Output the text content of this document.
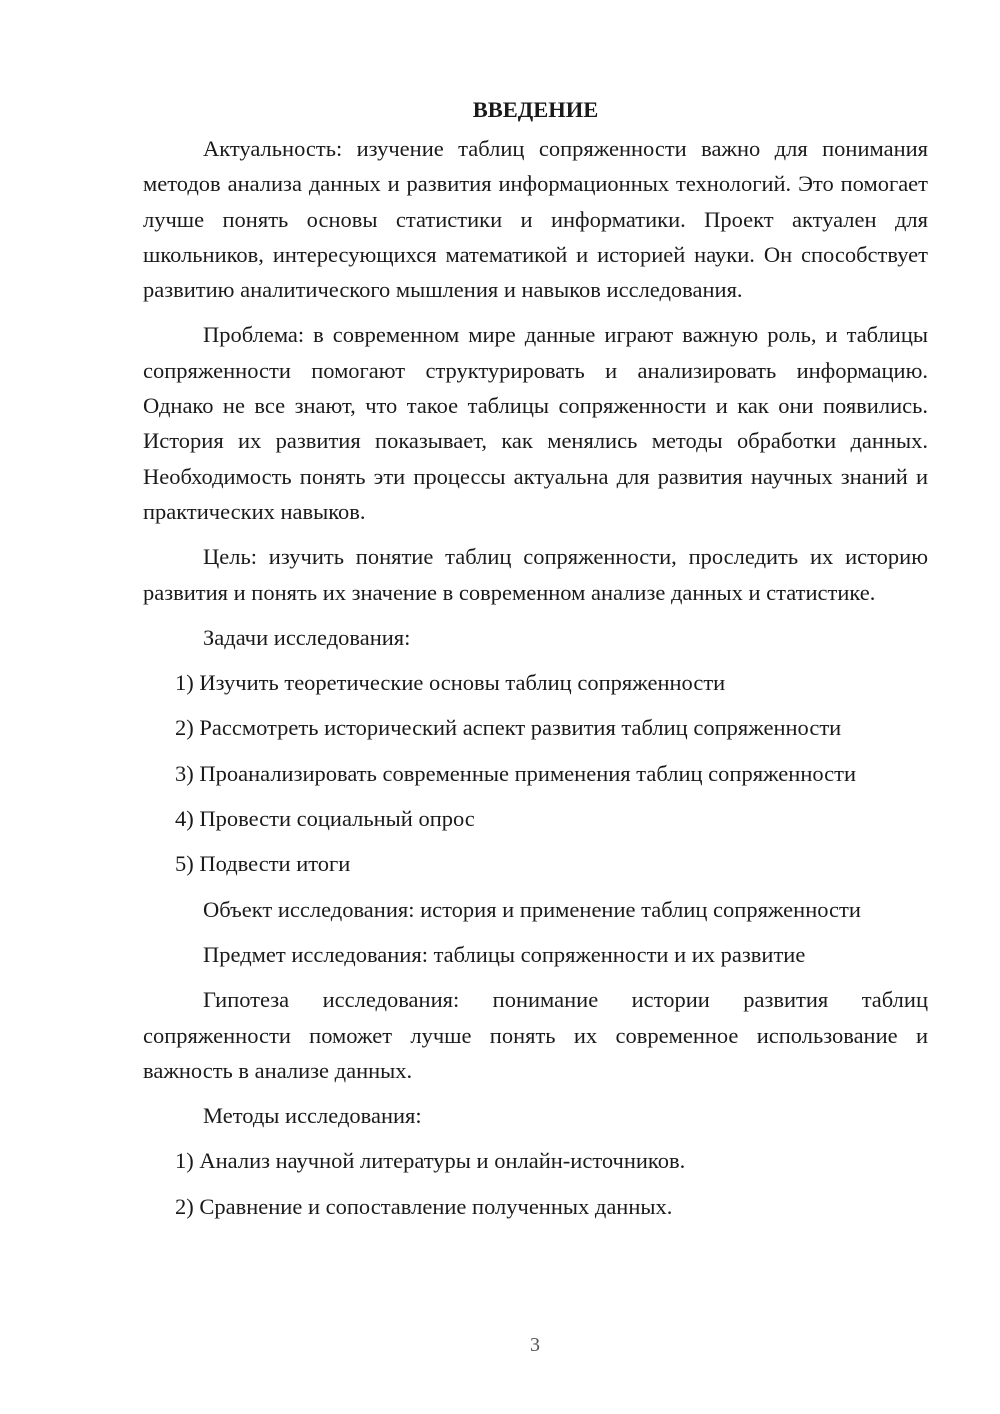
ВВЕДЕНИЕ

Актуальность: изучение таблиц сопряженности важно для понимания методов анализа данных и развития информационных технологий. Это помогает лучше понять основы статистики и информатики. Проект актуален для школьников, интересующихся математикой и историей науки. Он способствует развитию аналитического мышления и навыков исследования.

Проблема: в современном мире данные играют важную роль, и таблицы сопряженности помогают структурировать и анализировать информацию. Однако не все знают, что такое таблицы сопряженности и как они появились. История их развития показывает, как менялись методы обработки данных. Необходимость понять эти процессы актуальна для развития научных знаний и практических навыков.

Цель: изучить понятие таблиц сопряженности, проследить их историю развития и понять их значение в современном анализе данных и статистике.

Задачи исследования:

1) Изучить теоретические основы таблиц сопряженности
2) Рассмотреть исторический аспект развития таблиц сопряженности
3) Проанализировать современные применения таблиц сопряженности
4) Провести социальный опрос
5) Подвести итоги

Объект исследования: история и применение таблиц сопряженности

Предмет исследования: таблицы сопряженности и их развитие

Гипотеза исследования: понимание истории развития таблиц сопряженности поможет лучше понять их современное использование и важность в анализе данных.

Методы исследования:

1) Анализ научной литературы и онлайн-источников.
2) Сравнение и сопоставление полученных данных.
3
